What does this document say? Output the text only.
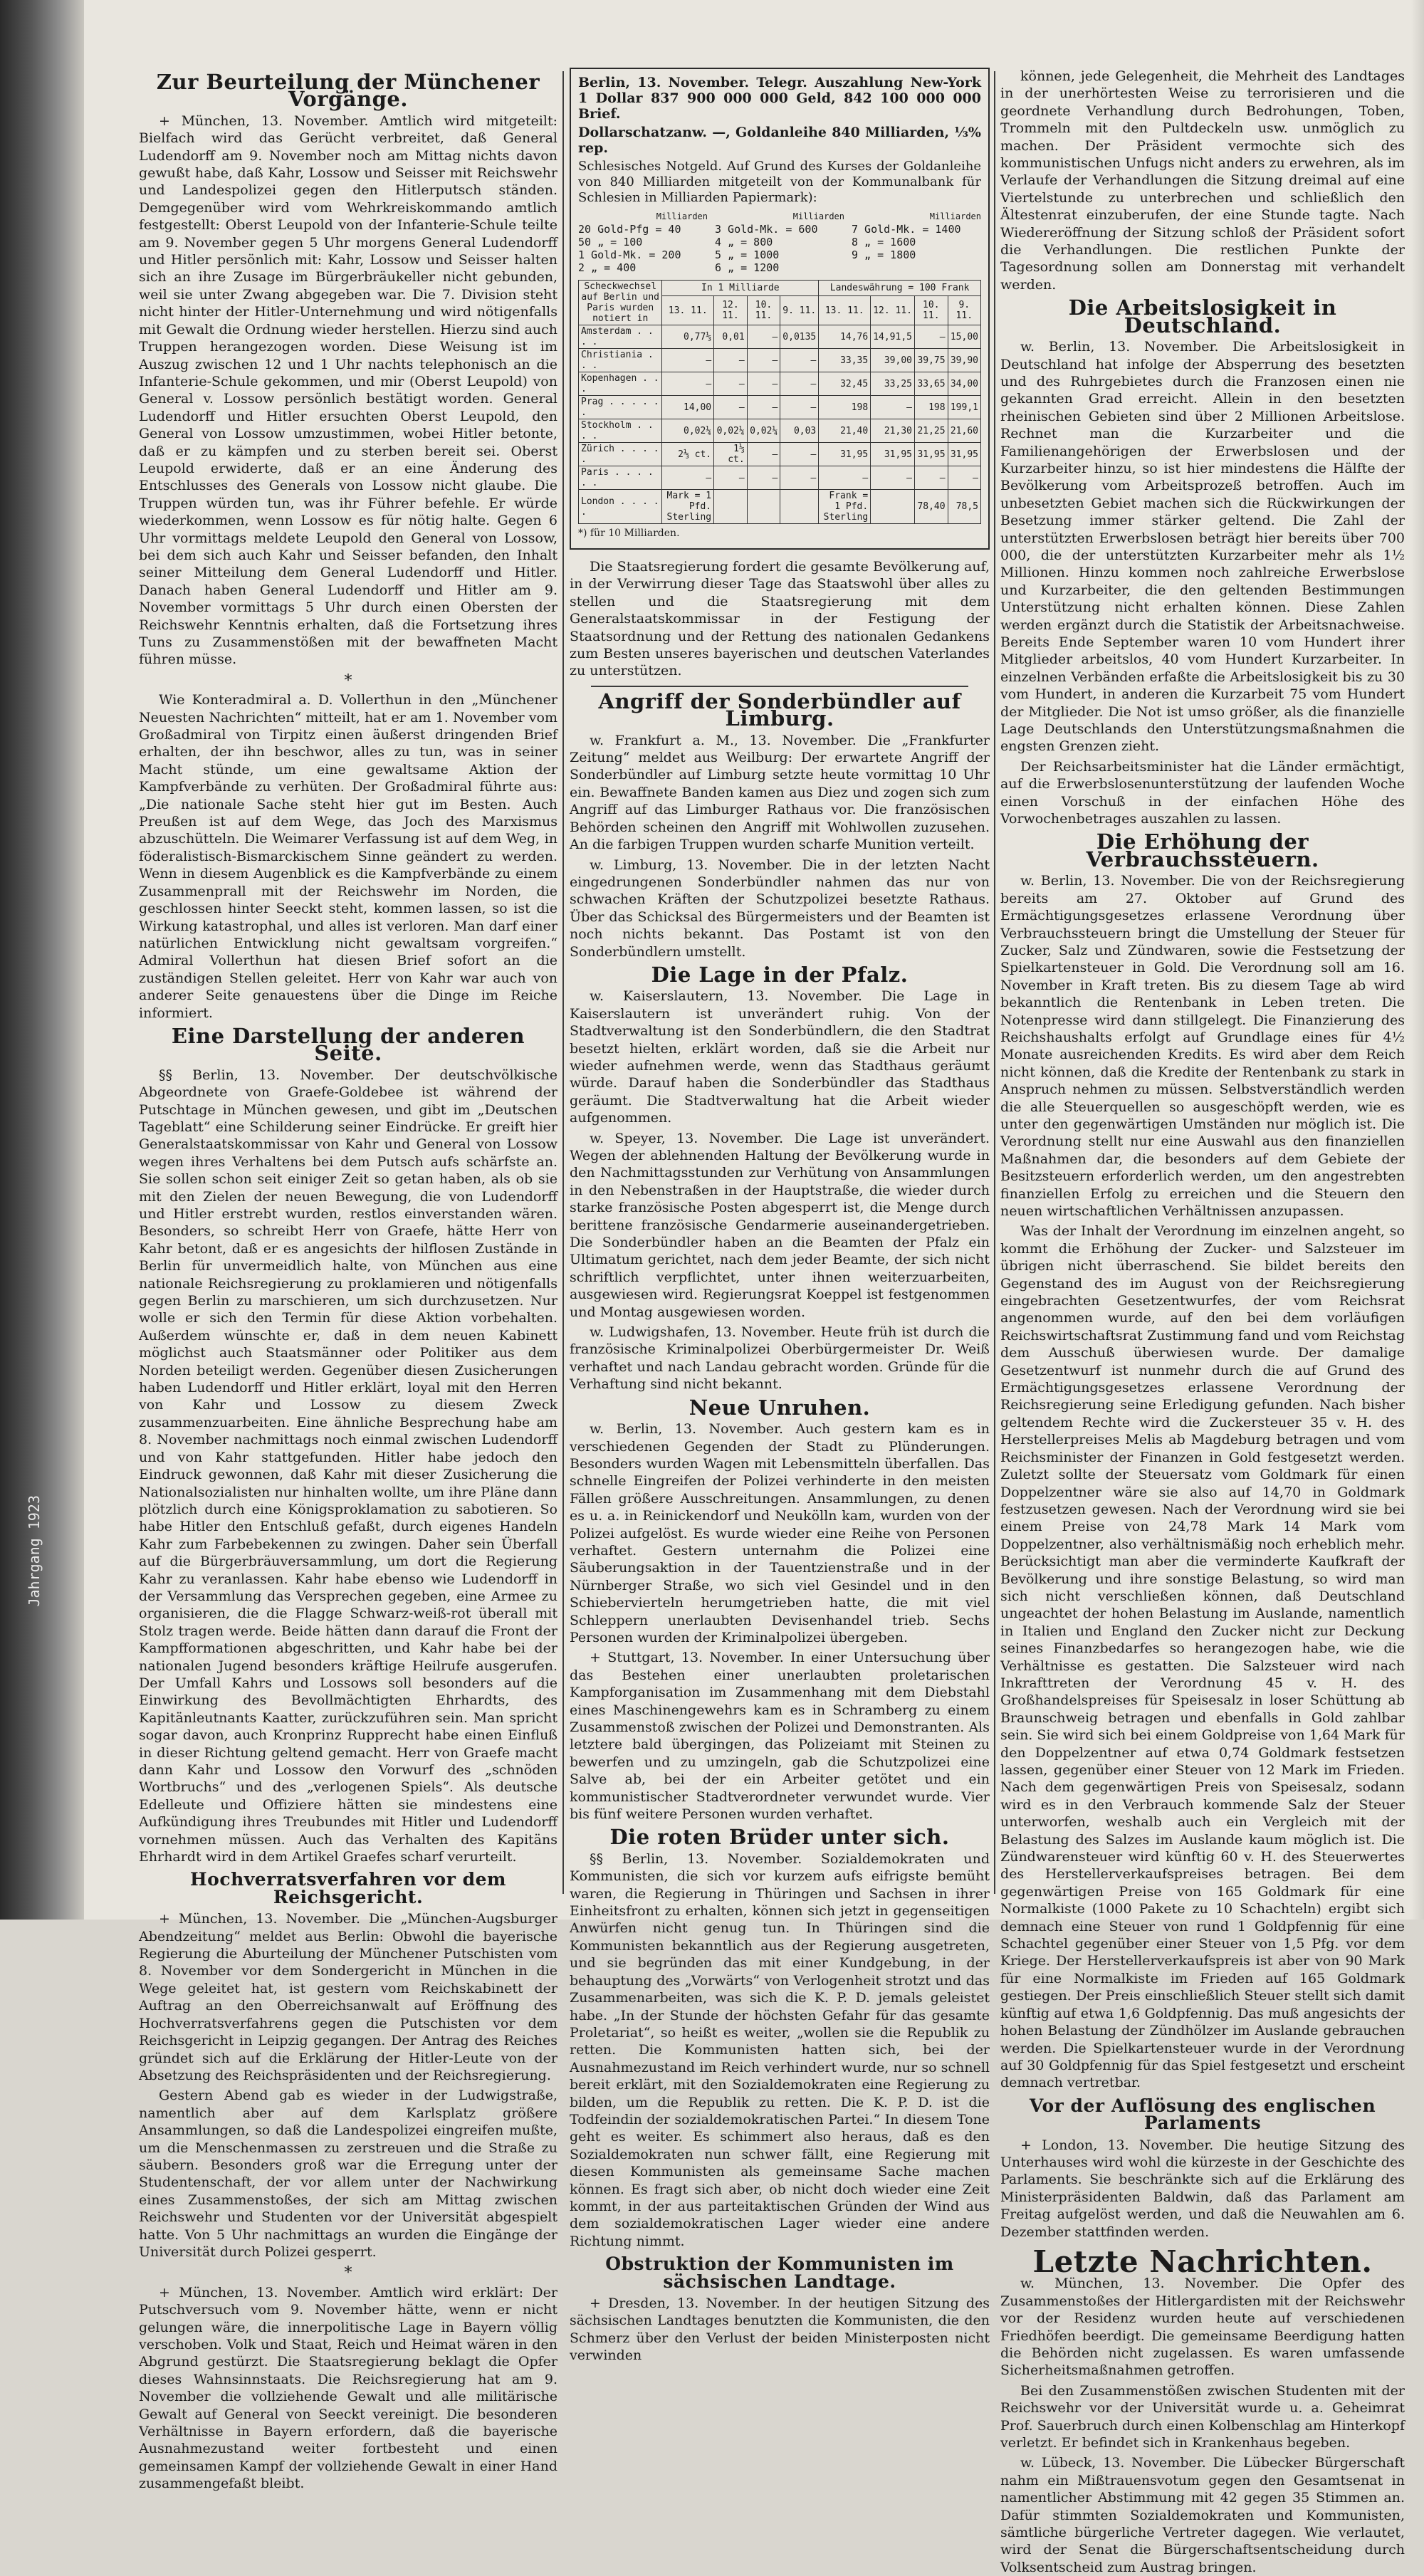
Jahrgang 1923
Zur Beurteilung der Münchener Vorgänge.

+ München, 13. November. Amtlich wird mitgeteilt: Bielfach wird das Gerücht verbreitet, daß General Ludendorff am 9. November noch am Mittag nichts davon gewußt habe, daß Kahr, Lossow und Seisser mit Reichswehr und Landespolizei gegen den Hitlerputsch ständen. Demgegenüber wird vom Wehrkreiskommando amtlich festgestellt: Oberst Leupold von der Infanterie-Schule teilte am 9. November gegen 5 Uhr morgens General Ludendorff und Hitler persönlich mit: Kahr, Lossow und Seisser halten sich an ihre Zusage im Bürgerbräukeller nicht gebunden, weil sie unter Zwang abgegeben war. Die 7. Division steht nicht hinter der Hitler-Unternehmung und wird nötigenfalls mit Gewalt die Ordnung wieder herstellen. Hierzu sind auch Truppen herangezogen worden. Diese Weisung ist im Auszug zwischen 12 und 1 Uhr nachts telephonisch an die Infanterie-Schule gekommen, und mir (Oberst Leupold) von General v. Lossow persönlich bestätigt worden. General Ludendorff und Hitler ersuchten Oberst Leupold, den General von Lossow umzustimmen, wobei Hitler betonte, daß er zu kämpfen und zu sterben bereit sei. Oberst Leupold erwiderte, daß er an eine Änderung des Entschlusses des Generals von Lossow nicht glaube. Die Truppen würden tun, was ihr Führer befehle. Er würde wiederkommen, wenn Lossow es für nötig halte. Gegen 6 Uhr vormittags meldete Leupold den General von Lossow, bei dem sich auch Kahr und Seisser befanden, den Inhalt seiner Mitteilung dem General Ludendorff und Hitler. Danach haben General Ludendorff und Hitler am 9. November vormittags 5 Uhr durch einen Obersten der Reichswehr Kenntnis erhalten, daß die Fortsetzung ihres Tuns zu Zusammenstößen mit der bewaffneten Macht führen müsse.

*

Wie Konteradmiral a. D. Vollerthun in den „Münchener Neuesten Nachrichten“ mitteilt, hat er am 1. November vom Großadmiral von Tirpitz einen äußerst dringenden Brief erhalten, der ihn beschwor, alles zu tun, was in seiner Macht stünde, um eine gewaltsame Aktion der Kampfverbände zu verhüten. Der Großadmiral führte aus: „Die nationale Sache steht hier gut im Besten. Auch Preußen ist auf dem Wege, das Joch des Marxismus abzuschütteln. Die Weimarer Verfassung ist auf dem Weg, in föderalistisch-Bismarckischem Sinne geändert zu werden. Wenn in diesem Augenblick es die Kampfverbände zu einem Zusammenprall mit der Reichswehr im Norden, die geschlossen hinter Seeckt steht, kommen lassen, so ist die Wirkung katastrophal, und alles ist verloren. Man darf einer natürlichen Entwicklung nicht gewaltsam vorgreifen.“ Admiral Vollerthun hat diesen Brief sofort an die zuständigen Stellen geleitet. Herr von Kahr war auch von anderer Seite genauestens über die Dinge im Reiche informiert.

Eine Darstellung der anderen Seite.

§§ Berlin, 13. November. Der deutschvölkische Abgeordnete von Graefe-Goldebee ist während der Putschtage in München gewesen, und gibt im „Deutschen Tageblatt“ eine Schilderung seiner Eindrücke. Er greift hier Generalstaatskommissar von Kahr und General von Lossow wegen ihres Verhaltens bei dem Putsch aufs schärfste an. Sie sollen schon seit einiger Zeit so getan haben, als ob sie mit den Zielen der neuen Bewegung, die von Ludendorff und Hitler erstrebt wurden, restlos einverstanden wären. Besonders, so schreibt Herr von Graefe, hätte Herr von Kahr betont, daß er es angesichts der hilflosen Zustände in Berlin für unvermeidlich halte, von München aus eine nationale Reichsregierung zu proklamieren und nötigenfalls gegen Berlin zu marschieren, um sich durchzusetzen. Nur wolle er sich den Termin für diese Aktion vorbehalten. Außerdem wünschte er, daß in dem neuen Kabinett möglichst auch Staatsmänner oder Politiker aus dem Norden beteiligt werden. Gegenüber diesen Zusicherungen haben Ludendorff und Hitler erklärt, loyal mit den Herren von Kahr und Lossow zu diesem Zweck zusammenzuarbeiten. Eine ähnliche Besprechung habe am 8. November nachmittags noch einmal zwischen Ludendorff und von Kahr stattgefunden. Hitler habe jedoch den Eindruck gewonnen, daß Kahr mit dieser Zusicherung die Nationalsozialisten nur hinhalten wollte, um ihre Pläne dann plötzlich durch eine Königsproklamation zu sabotieren. So habe Hitler den Entschluß gefaßt, durch eigenes Handeln Kahr zum Farbebekennen zu zwingen. Daher sein Überfall auf die Bürgerbräuversammlung, um dort die Regierung Kahr zu veranlassen. Kahr habe ebenso wie Ludendorff in der Versammlung das Versprechen gegeben, eine Armee zu organisieren, die die Flagge Schwarz-weiß-rot überall mit Stolz tragen werde. Beide hätten dann darauf die Front der Kampfformationen abgeschritten, und Kahr habe bei der nationalen Jugend besonders kräftige Heilrufe ausgerufen. Der Umfall Kahrs und Lossows soll besonders auf die Einwirkung des Bevollmächtigten Ehrhardts, des Kapitänleutnants Kaatter, zurückzuführen sein. Man spricht sogar davon, auch Kronprinz Rupprecht habe einen Einfluß in dieser Richtung geltend gemacht. Herr von Graefe macht dann Kahr und Lossow den Vorwurf des „schnöden Wortbruchs“ und des „verlogenen Spiels“. Als deutsche Edelleute und Offiziere hätten sie mindestens eine Aufkündigung ihres Treubundes mit Hitler und Ludendorff vornehmen müssen. Auch das Verhalten des Kapitäns Ehrhardt wird in dem Artikel Graefes scharf verurteilt.

Hochverratsverfahren vor dem Reichsgericht.

+ München, 13. November. Die „München-Augsburger Abendzeitung“ meldet aus Berlin: Obwohl die bayerische Regierung die Aburteilung der Münchener Putschisten vom 8. November vor dem Sondergericht in München in die Wege geleitet hat, ist gestern vom Reichskabinett der Auftrag an den Oberreichsanwalt auf Eröffnung des Hochverratsverfahrens gegen die Putschisten vor dem Reichsgericht in Leipzig gegangen. Der Antrag des Reiches gründet sich auf die Erklärung der Hitler-Leute von der Absetzung des Reichspräsidenten und der Reichsregierung.

Gestern Abend gab es wieder in der Ludwigstraße, namentlich aber auf dem Karlsplatz größere Ansammlungen, so daß die Landespolizei eingreifen mußte, um die Menschenmassen zu zerstreuen und die Straße zu säubern. Besonders groß war die Erregung unter der Studentenschaft, der vor allem unter der Nachwirkung eines Zusammenstoßes, der sich am Mittag zwischen Reichswehr und Studenten vor der Universität abgespielt hatte. Von 5 Uhr nachmittags an wurden die Eingänge der Universität durch Polizei gesperrt.

*

+ München, 13. November. Amtlich wird erklärt: Der Putschversuch vom 9. November hätte, wenn er nicht gelungen wäre, die innerpolitische Lage in Bayern völlig verschoben. Volk und Staat, Reich und Heimat wären in den Abgrund gestürzt. Die Staatsregierung beklagt die Opfer dieses Wahnsinnstaats. Die Reichsregierung hat am 9. November die vollziehende Gewalt und alle militärische Gewalt auf General von Seeckt vereinigt. Die besonderen Verhältnisse in Bayern erfordern, daß die bayerische Ausnahmezustand weiter fortbesteht und einen gemeinsamen Kampf der vollziehende Gewalt in einer Hand zusammengefaßt bleibt.

Berlin, 13. November. Telegr. Auszahlung New-York 1 Dollar 837 900 000 000 Geld, 842 100 000 000 Brief.

Dollarschatzanw. —, Goldanleihe 840 Milliarden, ⅓% rep.

Schlesisches Notgeld. Auf Grund des Kurses der Goldanleihe von 840 Milliarden mitgeteilt von der Kommunalbank für Schlesien in Milliarden Papiermark):

Milliarden	Milliarden	Milliarden
20 Gold-Pfg = 40	3 Gold-Mk. = 600	7 Gold-Mk. = 1400
50 „ = 100	4 „ = 800	8 „ = 1600
1 Gold-Mk. = 200	5 „ = 1000	9 „ = 1800
2 „ = 400	6 „ = 1200
Scheckwechsel auf Berlin und Paris wurden notiert in	In 1 Milliarde				Landeswährung = 100 Frank			
	13. 11.	12. 11.	10. 11.	9. 11.	13. 11.	12. 11.	10. 11.	9. 11.
Amsterdam . . . .	0,77⅓	0,01	—	0,0135	14,76	14,91,5	—	15,00
Christiania . . .	—	—	—	—	33,35	39,00	39,75	39,90
Kopenhagen . . .	—	—	—	—	32,45	33,25	33,65	34,00
Prag . . . . . .	14,00	—	—	—	198	—	198	199,1
Stockholm . . . .	0,02¼	0,02¼	0,02¼	0,03	21,40	21,30	21,25	21,60
Zürich . . . . .	2⅓ ct.	1⅓ ct.	—	—	31,95	31,95	31,95	31,95
Paris . . . . . .	—	—	—	—	—	—	—	—
London . . . . .	Mark = 1 Pfd. Sterling				Frank = 1 Pfd. Sterling		78,40	78,5

*) für 10 Milliarden.

Die Staatsregierung fordert die gesamte Bevölkerung auf, in der Verwirrung dieser Tage das Staatswohl über alles zu stellen und die Staatsregierung mit dem Generalstaatskommissar in der Festigung der Staatsordnung und der Rettung des nationalen Gedankens zum Besten unseres bayerischen und deutschen Vaterlandes zu unterstützen.

Angriff der Sonderbündler auf Limburg.

w. Frankfurt a. M., 13. November. Die „Frankfurter Zeitung“ meldet aus Weilburg: Der erwartete Angriff der Sonderbündler auf Limburg setzte heute vormittag 10 Uhr ein. Bewaffnete Banden kamen aus Diez und zogen sich zum Angriff auf das Limburger Rathaus vor. Die französischen Behörden scheinen den Angriff mit Wohlwollen zuzusehen. An die farbigen Truppen wurden scharfe Munition verteilt.

w. Limburg, 13. November. Die in der letzten Nacht eingedrungenen Sonderbündler nahmen das nur von schwachen Kräften der Schutzpolizei besetzte Rathaus. Über das Schicksal des Bürgermeisters und der Beamten ist noch nichts bekannt. Das Postamt ist von den Sonderbündlern umstellt.

Die Lage in der Pfalz.

w. Kaiserslautern, 13. November. Die Lage in Kaiserslautern ist unverändert ruhig. Von der Stadtverwaltung ist den Sonderbündlern, die den Stadtrat besetzt hielten, erklärt worden, daß sie die Arbeit nur wieder aufnehmen werde, wenn das Stadthaus geräumt würde. Darauf haben die Sonderbündler das Stadthaus geräumt. Die Stadtverwaltung hat die Arbeit wieder aufgenommen.

w. Speyer, 13. November. Die Lage ist unverändert. Wegen der ablehnenden Haltung der Bevölkerung wurde in den Nachmittagsstunden zur Verhütung von Ansammlungen in den Nebenstraßen in der Hauptstraße, die wieder durch starke französische Posten abgesperrt ist, die Menge durch berittene französische Gendarmerie auseinandergetrieben. Die Sonderbündler haben an die Beamten der Pfalz ein Ultimatum gerichtet, nach dem jeder Beamte, der sich nicht schriftlich verpflichtet, unter ihnen weiterzuarbeiten, ausgewiesen wird. Regierungsrat Koeppel ist festgenommen und Montag ausgewiesen worden.

w. Ludwigshafen, 13. November. Heute früh ist durch die französische Kriminalpolizei Oberbürgermeister Dr. Weiß verhaftet und nach Landau gebracht worden. Gründe für die Verhaftung sind nicht bekannt.

Neue Unruhen.

w. Berlin, 13. November. Auch gestern kam es in verschiedenen Gegenden der Stadt zu Plünderungen. Besonders wurden Wagen mit Lebensmitteln überfallen. Das schnelle Eingreifen der Polizei verhinderte in den meisten Fällen größere Ausschreitungen. Ansammlungen, zu denen es u. a. in Reinickendorf und Neukölln kam, wurden von der Polizei aufgelöst. Es wurde wieder eine Reihe von Personen verhaftet. Gestern unternahm die Polizei eine Säuberungsaktion in der Tauentzienstraße und in der Nürnberger Straße, wo sich viel Gesindel und in den Schiebervierteln herumgetrieben hatte, die mit viel Schleppern unerlaubten Devisenhandel trieb. Sechs Personen wurden der Kriminalpolizei übergeben.

+ Stuttgart, 13. November. In einer Untersuchung über das Bestehen einer unerlaubten proletarischen Kampforganisation im Zusammenhang mit dem Diebstahl eines Maschinengewehrs kam es in Schramberg zu einem Zusammenstoß zwischen der Polizei und Demonstranten. Als letztere bald übergingen, das Polizeiamt mit Steinen zu bewerfen und zu umzingeln, gab die Schutzpolizei eine Salve ab, bei der ein Arbeiter getötet und ein kommunistischer Stadtverordneter verwundet wurde. Vier bis fünf weitere Personen wurden verhaftet.

Die roten Brüder unter sich.

§§ Berlin, 13. November. Sozialdemokraten und Kommunisten, die sich vor kurzem aufs eifrigste bemüht waren, die Regierung in Thüringen und Sachsen in ihrer Einheitsfront zu erhalten, können sich jetzt in gegenseitigen Anwürfen nicht genug tun. In Thüringen sind die Kommunisten bekanntlich aus der Regierung ausgetreten, und sie begründen das mit einer Kundgebung, in der behauptung des „Vorwärts“ von Verlogenheit strotzt und das Zusammenarbeiten, was sich die K. P. D. jemals geleistet habe. „In der Stunde der höchsten Gefahr für das gesamte Proletariat“, so heißt es weiter, „wollen sie die Republik zu retten. Die Kommunisten hatten sich, bei der Ausnahmezustand im Reich verhindert wurde, nur so schnell bereit erklärt, mit den Sozialdemokraten eine Regierung zu bilden, um die Republik zu retten. Die K. P. D. ist die Todfeindin der sozialdemokratischen Partei.“ In diesem Tone geht es weiter. Es schimmert also heraus, daß es den Sozialdemokraten nun schwer fällt, eine Regierung mit diesen Kommunisten als gemeinsame Sache machen können. Es fragt sich aber, ob nicht doch wieder eine Zeit kommt, in der aus parteitaktischen Gründen der Wind aus dem sozialdemokratischen Lager wieder eine andere Richtung nimmt.

Obstruktion der Kommunisten im sächsischen Landtage.

+ Dresden, 13. November. In der heutigen Sitzung des sächsischen Landtages benutzten die Kommunisten, die den Schmerz über den Verlust der beiden Ministerposten nicht verwinden

können, jede Gelegenheit, die Mehrheit des Landtages in der unerhörtesten Weise zu terrorisieren und die geordnete Verhandlung durch Bedrohungen, Toben, Trommeln mit den Pultdeckeln usw. unmöglich zu machen. Der Präsident vermochte sich des kommunistischen Unfugs nicht anders zu erwehren, als im Verlaufe der Verhandlungen die Sitzung dreimal auf eine Viertelstunde zu unterbrechen und schließlich den Ältestenrat einzuberufen, der eine Stunde tagte. Nach Wiedereröffnung der Sitzung schloß der Präsident sofort die Verhandlungen. Die restlichen Punkte der Tagesordnung sollen am Donnerstag mit verhandelt werden.

Die Arbeitslosigkeit in Deutschland.

w. Berlin, 13. November. Die Arbeitslosigkeit in Deutschland hat infolge der Absperrung des besetzten und des Ruhrgebietes durch die Franzosen einen nie gekannten Grad erreicht. Allein in den besetzten rheinischen Gebieten sind über 2 Millionen Arbeitslose. Rechnet man die Kurzarbeiter und die Familienangehörigen der Erwerbslosen und der Kurzarbeiter hinzu, so ist hier mindestens die Hälfte der Bevölkerung vom Arbeitsprozeß betroffen. Auch im unbesetzten Gebiet machen sich die Rückwirkungen der Besetzung immer stärker geltend. Die Zahl der unterstützten Erwerbslosen beträgt hier bereits über 700 000, die der unterstützten Kurzarbeiter mehr als 1½ Millionen. Hinzu kommen noch zahlreiche Erwerbslose und Kurzarbeiter, die den geltenden Bestimmungen Unterstützung nicht erhalten können. Diese Zahlen werden ergänzt durch die Statistik der Arbeitsnachweise. Bereits Ende September waren 10 vom Hundert ihrer Mitglieder arbeitslos, 40 vom Hundert Kurzarbeiter. In einzelnen Verbänden erfaßte die Arbeitslosigkeit bis zu 30 vom Hundert, in anderen die Kurzarbeit 75 vom Hundert der Mitglieder. Die Not ist umso größer, als die finanzielle Lage Deutschlands den Unterstützungsmaßnahmen die engsten Grenzen zieht.

Der Reichsarbeitsminister hat die Länder ermächtigt, auf die Erwerbslosenunterstützung der laufenden Woche einen Vorschuß in der einfachen Höhe des Vorwochenbetrages auszahlen zu lassen.

Die Erhöhung der Verbrauchssteuern.

w. Berlin, 13. November. Die von der Reichsregierung bereits am 27. Oktober auf Grund des Ermächtigungsgesetzes erlassene Verordnung über Verbrauchssteuern bringt die Umstellung der Steuer für Zucker, Salz und Zündwaren, sowie die Festsetzung der Spielkartensteuer in Gold. Die Verordnung soll am 16. November in Kraft treten. Bis zu diesem Tage ab wird bekanntlich die Rentenbank in Leben treten. Die Notenpresse wird dann stillgelegt. Die Finanzierung des Reichshaushalts erfolgt auf Grundlage eines für 4½ Monate ausreichenden Kredits. Es wird aber dem Reich nicht können, daß die Kredite der Rentenbank zu stark in Anspruch nehmen zu müssen. Selbstverständlich werden die alle Steuerquellen so ausgeschöpft werden, wie es unter den gegenwärtigen Umständen nur möglich ist. Die Verordnung stellt nur eine Auswahl aus den finanziellen Maßnahmen dar, die besonders auf dem Gebiete der Besitzsteuern erforderlich werden, um den angestrebten finanziellen Erfolg zu erreichen und die Steuern den neuen wirtschaftlichen Verhältnissen anzupassen.

Was der Inhalt der Verordnung im einzelnen angeht, so kommt die Erhöhung der Zucker- und Salzsteuer im übrigen nicht überraschend. Sie bildet bereits den Gegenstand des im August von der Reichsregierung eingebrachten Gesetzentwurfes, der vom Reichsrat angenommen wurde, auf den bei dem vorläufigen Reichswirtschaftsrat Zustimmung fand und vom Reichstag dem Ausschuß überwiesen wurde. Der damalige Gesetzentwurf ist nunmehr durch die auf Grund des Ermächtigungsgesetzes erlassene Verordnung der Reichsregierung seine Erledigung gefunden. Nach bisher geltendem Rechte wird die Zuckersteuer 35 v. H. des Herstellerpreises Melis ab Magdeburg betragen und vom Reichsminister der Finanzen in Gold festgesetzt werden. Zuletzt sollte der Steuersatz vom Goldmark für einen Doppelzentner wäre sie also auf 14,70 in Goldmark festzusetzen gewesen. Nach der Verordnung wird sie bei einem Preise von 24,78 Mark 14 Mark vom Doppelzentner, also verhältnismäßig noch erheblich mehr. Berücksichtigt man aber die verminderte Kaufkraft der Bevölkerung und ihre sonstige Belastung, so wird man sich nicht verschließen können, daß Deutschland ungeachtet der hohen Belastung im Auslande, namentlich in Italien und England den Zucker nicht zur Deckung seines Finanzbedarfes so herangezogen habe, wie die Verhältnisse es gestatten. Die Salzsteuer wird nach Inkrafttreten der Verordnung 45 v. H. des Großhandelspreises für Speisesalz in loser Schüttung ab Braunschweig betragen und ebenfalls in Gold zahlbar sein. Sie wird sich bei einem Goldpreise von 1,64 Mark für den Doppelzentner auf etwa 0,74 Goldmark festsetzen lassen, gegenüber einer Steuer von 12 Mark im Frieden. Nach dem gegenwärtigen Preis von Speisesalz, sodann wird es in den Verbrauch kommende Salz der Steuer unterworfen, weshalb auch ein Vergleich mit der Belastung des Salzes im Auslande kaum möglich ist. Die Zündwarensteuer wird künftig 60 v. H. des Steuerwertes des Herstellerverkaufspreises betragen. Bei dem gegenwärtigen Preise von 165 Goldmark für eine Normalkiste (1000 Pakete zu 10 Schachteln) ergibt sich demnach eine Steuer von rund 1 Goldpfennig für eine Schachtel gegenüber einer Steuer von 1,5 Pfg. vor dem Kriege. Der Herstellerverkaufspreis ist aber von 90 Mark für eine Normalkiste im Frieden auf 165 Goldmark gestiegen. Der Preis einschließlich Steuer stellt sich damit künftig auf etwa 1,6 Goldpfennig. Das muß angesichts der hohen Belastung der Zündhölzer im Auslande gebrauchen werden. Die Spielkartensteuer wurde in der Verordnung auf 30 Goldpfennig für das Spiel festgesetzt und erscheint demnach vertretbar.

Vor der Auflösung des englischen Parlaments

+ London, 13. November. Die heutige Sitzung des Unterhauses wird wohl die kürzeste in der Geschichte des Parlaments. Sie beschränkte sich auf die Erklärung des Ministerpräsidenten Baldwin, daß das Parlament am Freitag aufgelöst werden, und daß die Neuwahlen am 6. Dezember stattfinden werden.

Letzte Nachrichten.

w. München, 13. November. Die Opfer des Zusammenstoßes der Hitlergardisten mit der Reichswehr vor der Residenz wurden heute auf verschiedenen Friedhöfen beerdigt. Die gemeinsame Beerdigung hatten die Behörden nicht zugelassen. Es waren umfassende Sicherheitsmaßnahmen getroffen.

Bei den Zusammenstößen zwischen Studenten mit der Reichswehr vor der Universität wurde u. a. Geheimrat Prof. Sauerbruch durch einen Kolbenschlag am Hinterkopf verletzt. Er befindet sich in Krankenhaus begeben.

w. Lübeck, 13. November. Die Lübecker Bürgerschaft nahm ein Mißtrauensvotum gegen den Gesamtsenat in namentlicher Abstimmung mit 42 gegen 35 Stimmen an. Dafür stimmten Sozialdemokraten und Kommunisten, sämtliche bürgerliche Vertreter dagegen. Wie verlautet, wird der Senat die Bürgerschaftsentscheidung durch Volksentscheid zum Austrag bringen.
